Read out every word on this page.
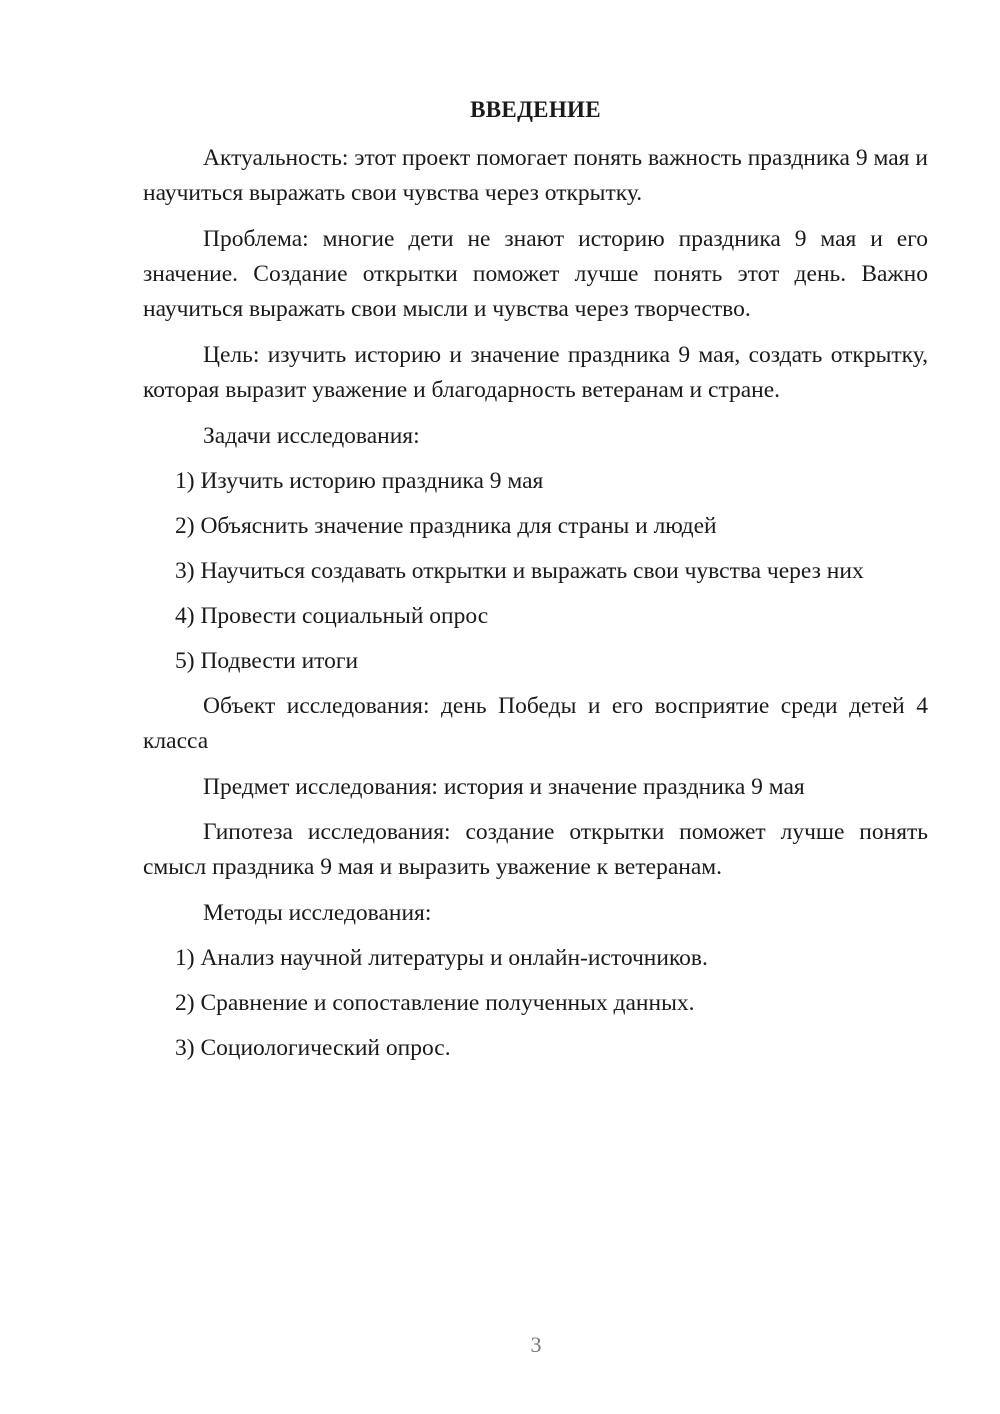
ВВЕДЕНИЕ

Актуальность: этот проект помогает понять важность праздника 9 мая и научиться выражать свои чувства через открытку.

Проблема: многие дети не знают историю праздника 9 мая и его значение. Создание открытки поможет лучше понять этот день. Важно научиться выражать свои мысли и чувства через творчество.

Цель: изучить историю и значение праздника 9 мая, создать открытку, которая выразит уважение и благодарность ветеранам и стране.

Задачи исследования:

1) Изучить историю праздника 9 мая
2) Объяснить значение праздника для страны и людей
3) Научиться создавать открытки и выражать свои чувства через них
4) Провести социальный опрос
5) Подвести итоги

Объект исследования: день Победы и его восприятие среди детей 4 класса

Предмет исследования: история и значение праздника 9 мая

Гипотеза исследования: создание открытки поможет лучше понять смысл праздника 9 мая и выразить уважение к ветеранам.

Методы исследования:

1) Анализ научной литературы и онлайн-источников.
2) Сравнение и сопоставление полученных данных.
3) Социологический опрос.
3
